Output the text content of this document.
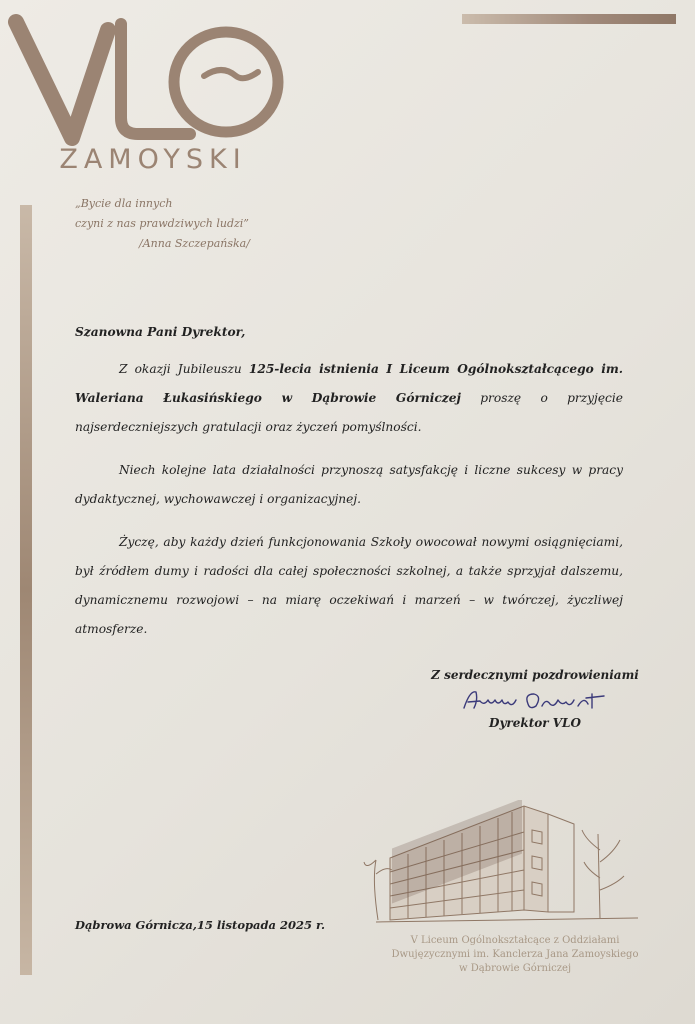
ZAMOYSKI
„Bycie dla innych
czyni z nas prawdziwych ludzi”
/Anna Szczepańska/

Szanowna Pani Dyrektor,

Z okazji Jubileuszu 125-lecia istnienia I Liceum Ogólnokształcącego im. Waleriana Łukasińskiego w Dąbrowie Górniczej proszę o przyjęcie najserdeczniejszych gratulacji oraz życzeń pomyślności.

Niech kolejne lata działalności przynoszą satysfakcję i liczne sukcesy w pracy dydaktycznej, wychowawczej i organizacyjnej.

Życzę, aby każdy dzień funkcjonowania Szkoły owocował nowymi osiągnięciami, był źródłem dumy i radości dla całej społeczności szkolnej, a także sprzyjał dalszemu, dynamicznemu rozwojowi – na miarę oczekiwań i marzeń – w twórczej, życzliwej atmosferze.

Z serdecznymi pozdrowieniami
Dyrektor VLO
Dąbrowa Górnicza,15 listopada 2025 r.
V Liceum Ogólnokształcące z Oddziałami
Dwujęzycznymi im. Kanclerza Jana Zamoyskiego
w Dąbrowie Górniczej
